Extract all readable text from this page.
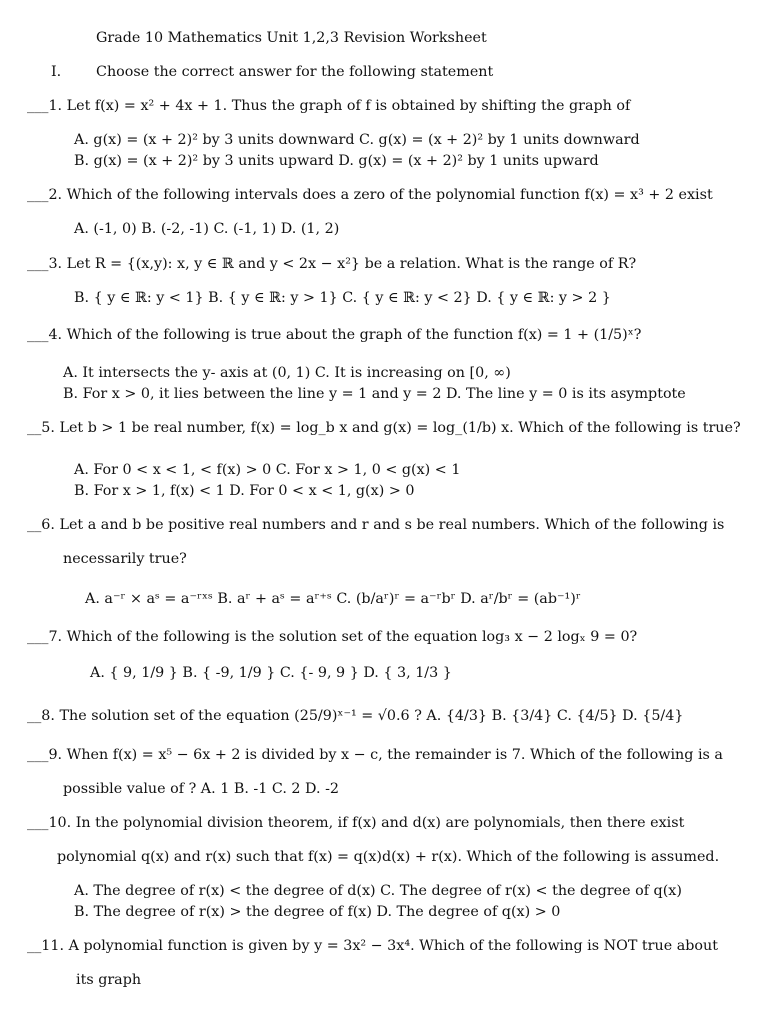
Grade 10 Mathematics Unit 1,2,3 Revision Worksheet
I. Choose the correct answer for the following statement
___1. Let f(x) = x² + 4x + 1. Thus the graph of f is obtained by shifting the graph of
A. g(x) = (x + 2)² by 3 units downward C. g(x) = (x + 2)² by 1 units downward
B. g(x) = (x + 2)² by 3 units upward D. g(x) = (x + 2)² by 1 units upward
___2. Which of the following intervals does a zero of the polynomial function f(x) = x³ + 2 exist
A. (-1, 0) B. (-2, -1) C. (-1, 1) D. (1, 2)
___3. Let R = {(x,y): x, y ∈ ℝ and y < 2x − x²} be a relation. What is the range of R?
B. { y ∈ ℝ: y < 1} B. { y ∈ ℝ: y > 1} C. { y ∈ ℝ: y < 2} D. { y ∈ ℝ: y > 2 }
___4. Which of the following is true about the graph of the function f(x) = 1 + (1/5)ˣ?
A. It intersects the y- axis at (0, 1) C. It is increasing on [0, ∞)
B. For x > 0, it lies between the line y = 1 and y = 2 D. The line y = 0 is its asymptote
__5. Let b > 1 be real number, f(x) = log_b x and g(x) = log_(1/b) x. Which of the following is true?
A. For 0 < x < 1, < f(x) > 0 C. For x > 1, 0 < g(x) < 1
B. For x > 1, f(x) < 1 D. For 0 < x < 1, g(x) > 0
__6. Let a and b be positive real numbers and r and s be real numbers. Which of the following is
necessarily true?
A. a⁻ʳ × aˢ = a⁻ʳˣˢ B. aʳ + aˢ = aʳ⁺ˢ C. (b/aʳ)ʳ = a⁻ʳbʳ D. aʳ/bʳ = (ab⁻¹)ʳ
___7. Which of the following is the solution set of the equation log₃ x − 2 logₓ 9 = 0?
A. { 9, 1/9 } B. { -9, 1/9 } C. {- 9, 9 } D. { 3, 1/3 }
__8. The solution set of the equation (25/9)ˣ⁻¹ = √0.6 ? A. {4/3} B. {3/4} C. {4/5} D. {5/4}
___9. When f(x) = x⁵ − 6x + 2 is divided by x − c, the remainder is 7. Which of the following is a
possible value of ? A. 1 B. -1 C. 2 D. -2
___10. In the polynomial division theorem, if f(x) and d(x) are polynomials, then there exist
polynomial q(x) and r(x) such that f(x) = q(x)d(x) + r(x). Which of the following is assumed.
A. The degree of r(x) < the degree of d(x) C. The degree of r(x) < the degree of q(x)
B. The degree of r(x) > the degree of f(x) D. The degree of q(x) > 0
__11. A polynomial function is given by y = 3x² − 3x⁴. Which of the following is NOT true about
its graph
